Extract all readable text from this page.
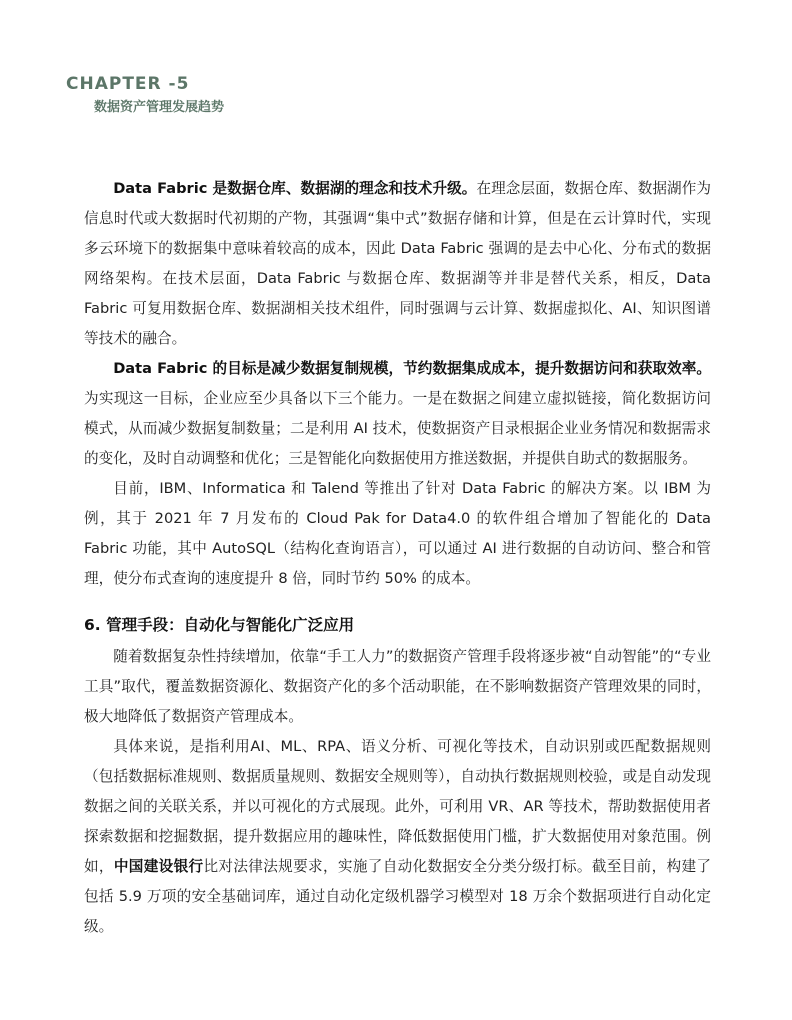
CHAPTER -5
数据资产管理发展趋势

Data Fabric 是数据仓库、数据湖的理念和技术升级。在理念层面，数据仓库、数据湖作为信息时代或大数据时代初期的产物，其强调“集中式”数据存储和计算，但是在云计算时代，实现多云环境下的数据集中意味着较高的成本，因此 Data Fabric 强调的是去中心化、分布式的数据网络架构。在技术层面，Data Fabric 与数据仓库、数据湖等并非是替代关系，相反，Data Fabric 可复用数据仓库、数据湖相关技术组件，同时强调与云计算、数据虚拟化、AI、知识图谱等技术的融合。

Data Fabric 的目标是减少数据复制规模，节约数据集成成本，提升数据访问和获取效率。为实现这一目标，企业应至少具备以下三个能力。一是在数据之间建立虚拟链接，简化数据访问模式，从而减少数据复制数量；二是利用 AI 技术，使数据资产目录根据企业业务情况和数据需求的变化，及时自动调整和优化；三是智能化向数据使用方推送数据，并提供自助式的数据服务。

目前，IBM、Informatica 和 Talend 等推出了针对 Data Fabric 的解决方案。以 IBM 为例，其于 2021 年 7 月发布的 Cloud Pak for Data4.0 的软件组合增加了智能化的 Data Fabric 功能，其中 AutoSQL（结构化查询语言），可以通过 AI 进行数据的自动访问、整合和管理，使分布式查询的速度提升 8 倍，同时节约 50% 的成本。

6. 管理手段：自动化与智能化广泛应用

随着数据复杂性持续增加，依靠“手工人力”的数据资产管理手段将逐步被“自动智能”的“专业工具”取代，覆盖数据资源化、数据资产化的多个活动职能，在不影响数据资产管理效果的同时，极大地降低了数据资产管理成本。

具体来说，是指利用AI、ML、RPA、语义分析、可视化等技术，自动识别或匹配数据规则（包括数据标准规则、数据质量规则、数据安全规则等），自动执行数据规则校验，或是自动发现数据之间的关联关系，并以可视化的方式展现。此外，可利用 VR、AR 等技术，帮助数据使用者探索数据和挖掘数据，提升数据应用的趣味性，降低数据使用门槛，扩大数据使用对象范围。例如，中国建设银行比对法律法规要求，实施了自动化数据安全分类分级打标。截至目前，构建了包括 5.9 万项的安全基础词库，通过自动化定级机器学习模型对 18 万余个数据项进行自动化定级。
